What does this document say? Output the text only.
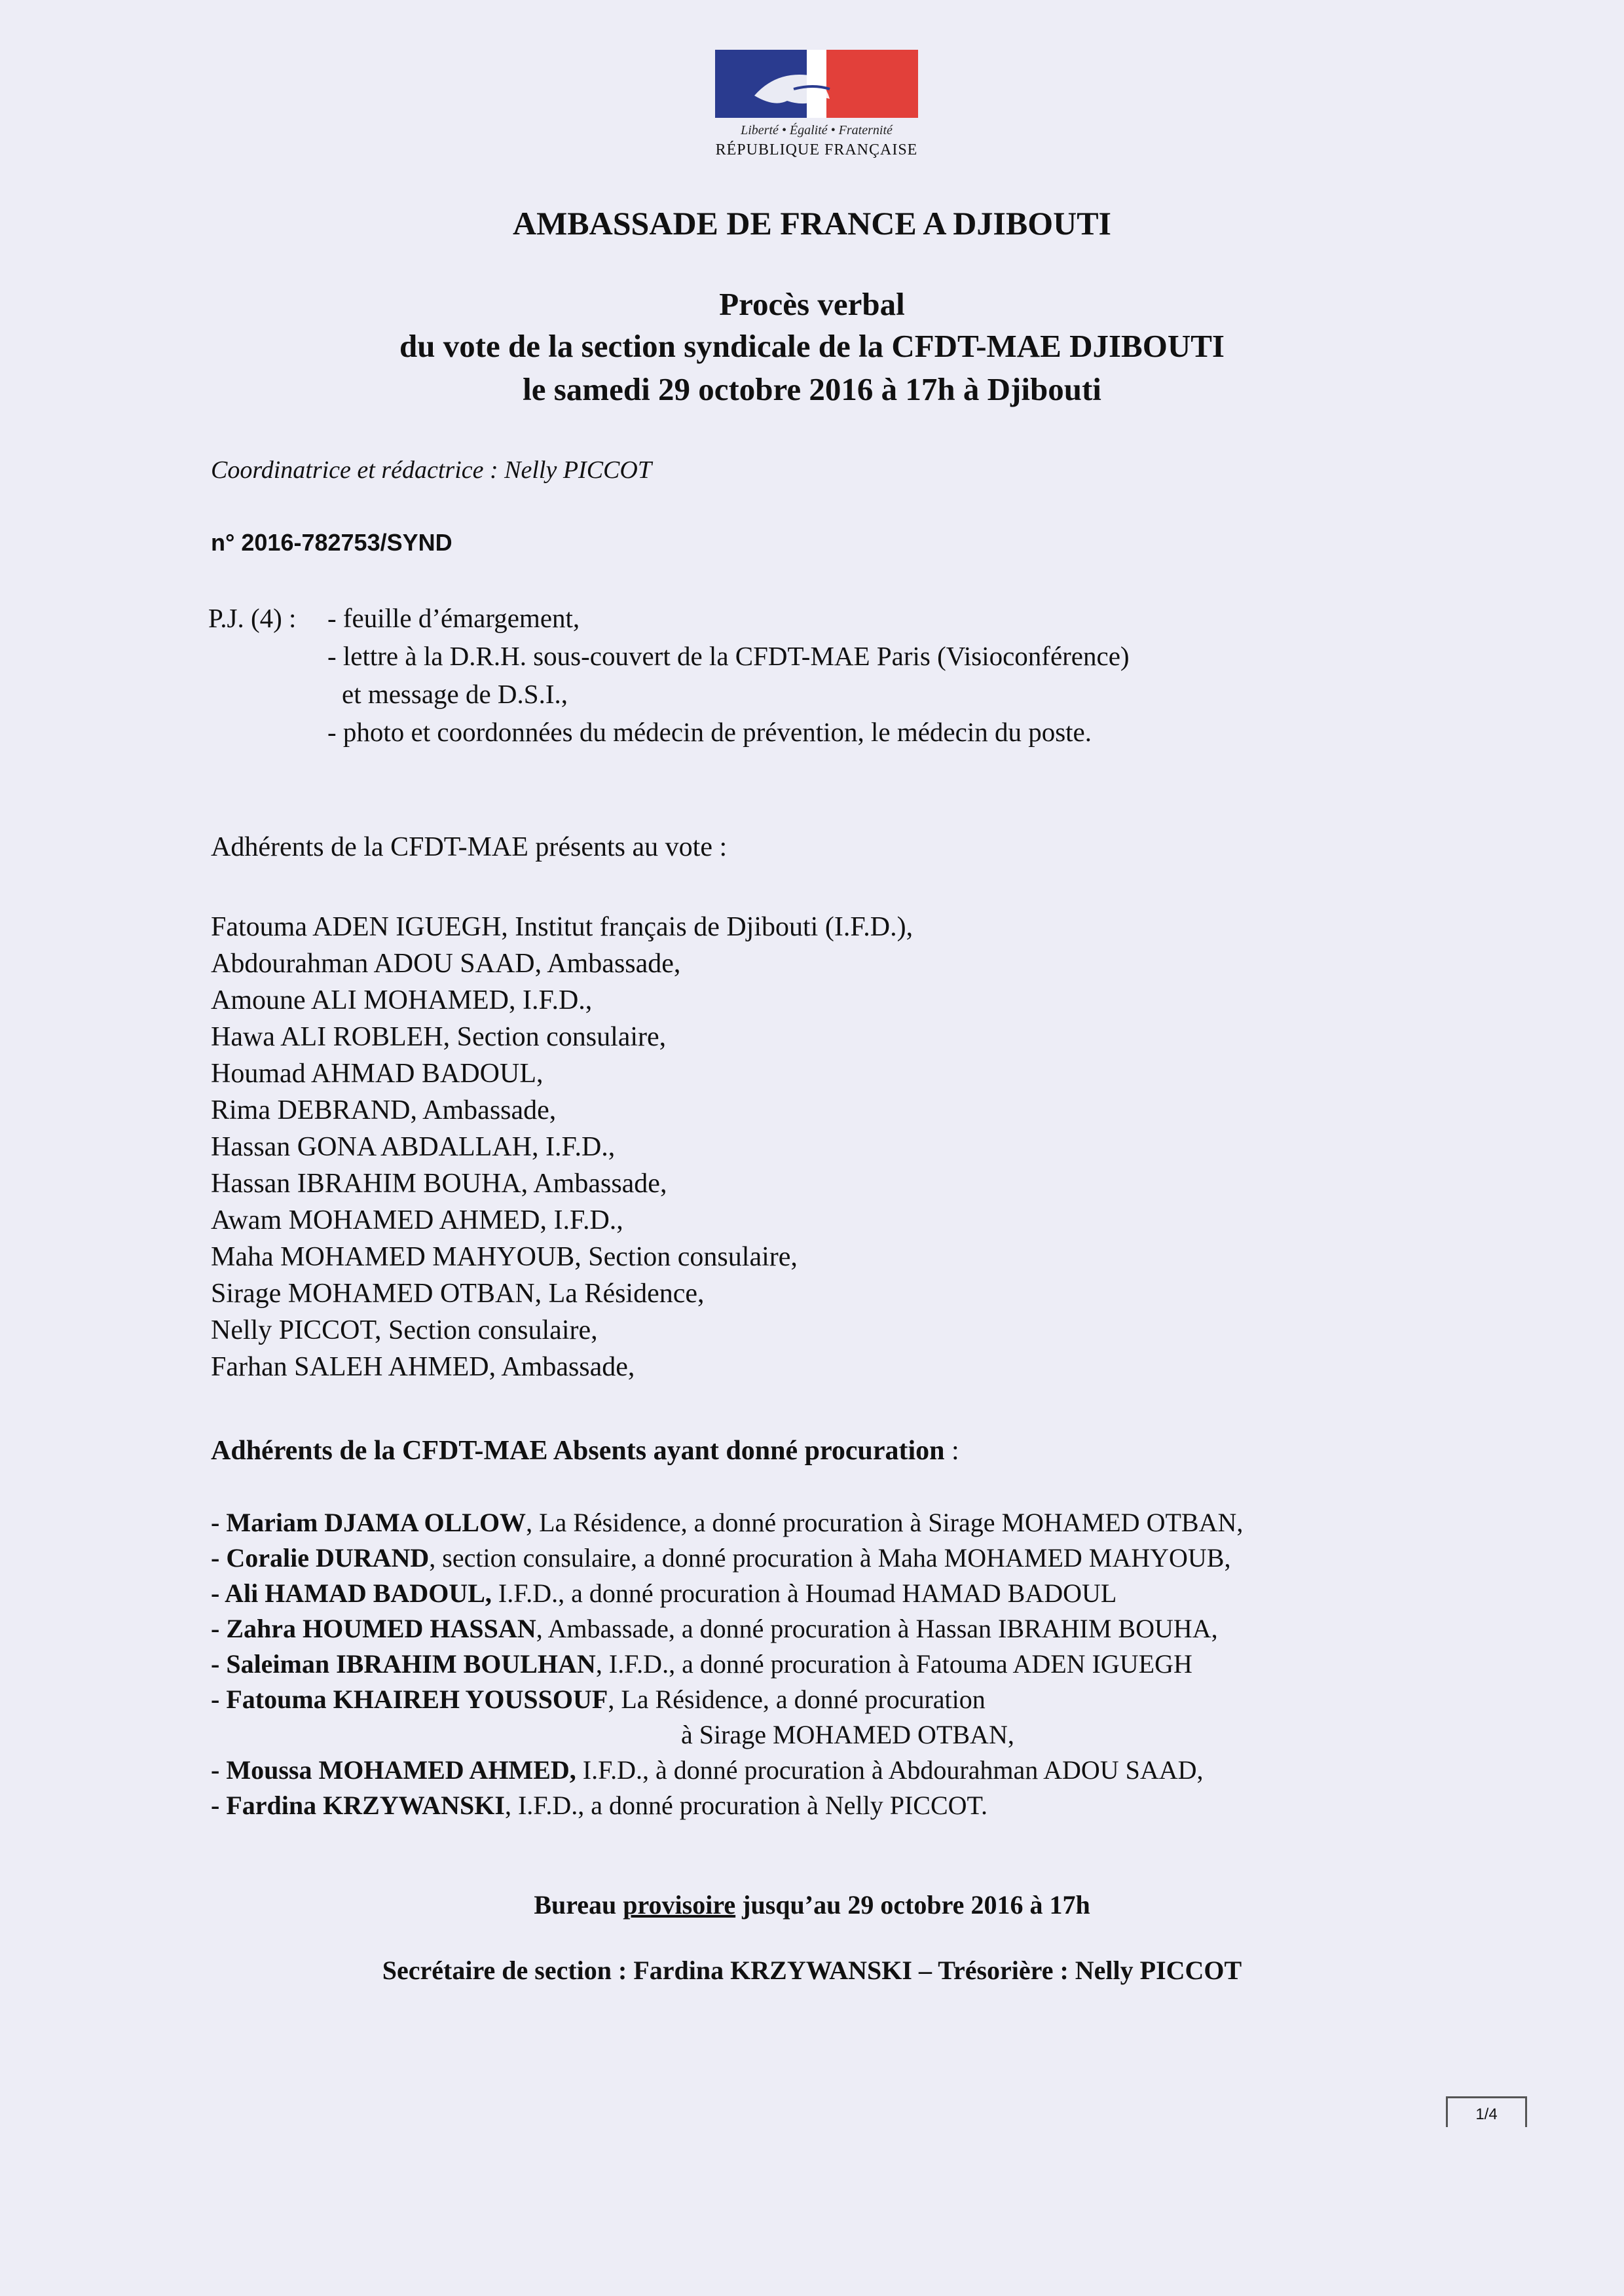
Liberté • Égalité • Fraternité
RÉPUBLIQUE FRANÇAISE
AMBASSADE DE FRANCE A DJIBOUTI
Procès verbal
du vote de la section syndicale de la CFDT-MAE DJIBOUTI
le samedi 29 octobre 2016 à 17h à Djibouti
Coordinatrice et rédactrice : Nelly PICCOT
n° 2016-782753/SYND
P.J. (4) : - feuille d’émargement,
- lettre à la D.R.H. sous-couvert de la CFDT-MAE Paris (Visioconférence)
et message de D.S.I.,
- photo et coordonnées du médecin de prévention, le médecin du poste.
Adhérents de la CFDT-MAE présents au vote :
Fatouma ADEN IGUEGH, Institut français de Djibouti (I.F.D.),
Abdourahman ADOU SAAD, Ambassade,
Amoune ALI MOHAMED, I.F.D.,
Hawa ALI ROBLEH, Section consulaire,
Houmad AHMAD BADOUL,
Rima DEBRAND, Ambassade,
Hassan GONA ABDALLAH, I.F.D.,
Hassan IBRAHIM BOUHA, Ambassade,
Awam MOHAMED AHMED, I.F.D.,
Maha MOHAMED MAHYOUB, Section consulaire,
Sirage MOHAMED OTBAN, La Résidence,
Nelly PICCOT, Section consulaire,
Farhan SALEH AHMED, Ambassade,
Adhérents de la CFDT-MAE Absents ayant donné procuration :
- Mariam DJAMA OLLOW, La Résidence, a donné procuration à Sirage MOHAMED OTBAN,
- Coralie DURAND, section consulaire, a donné procuration à Maha MOHAMED MAHYOUB,
- Ali HAMAD BADOUL, I.F.D., a donné procuration à Houmad HAMAD BADOUL
- Zahra HOUMED HASSAN, Ambassade, a donné procuration à Hassan IBRAHIM BOUHA,
- Saleiman IBRAHIM BOULHAN, I.F.D., a donné procuration à Fatouma ADEN IGUEGH
- Fatouma KHAIREH YOUSSOUF, La Résidence, a donné procuration
à Sirage MOHAMED OTBAN,
- Moussa MOHAMED AHMED, I.F.D., à donné procuration à Abdourahman ADOU SAAD,
- Fardina KRZYWANSKI, I.F.D., a donné procuration à Nelly PICCOT.
Bureau provisoire jusqu’au 29 octobre 2016 à 17h
Secrétaire de section : Fardina KRZYWANSKI – Trésorière : Nelly PICCOT
1/4
